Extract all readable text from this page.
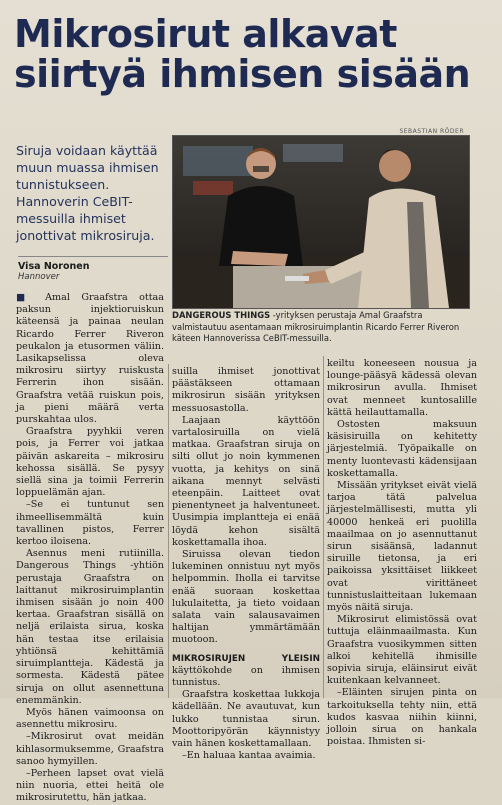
Mikrosirut alkavat
siirtyä ihmisen sisään
Siruja voidaan käyttää muun muassa ihmisen tunnistukseen. Hannoverin CeBIT-messuilla ihmiset jonottivat mikrosiruja.
Visa Noronen
Hannover
SEBASTIAN RÖDER
DANGEROUS THINGS -yrityksen perustaja Amal Graafstra valmistautuu asentamaan mikrosiruimplantin Ricardo Ferrer Riveron käteen Hannoverissa CeBIT-messuilla.

■ Amal Graafstra ottaa paksun injektioruiskun käteensä ja painaa neulan Ricardo Ferrer Riveron peukalon ja etusormen väliin. Lasikapselissa oleva mikrosiru siirtyy ruiskusta Ferrerin ihon sisään. Graafstra vetää ruiskun pois, ja pieni määrä verta purskahtaa ulos.

Graafstra pyyhkii veren pois, ja Ferrer voi jatkaa päivän askareita – mikrosiru kehossa sisällä. Se pysyy siellä sina ja toimii Ferrerin loppuelämän ajan.

–Se ei tuntunut sen ihmeellisemmältä kuin tavallinen pistos, Ferrer kertoo iloisena.

Asennus meni rutiinilla. Dangerous Things -yhtiön perustaja Graafstra on laittanut mikrosiruimplantin ihmisen sisään jo noin 400 kertaa. Graafstran sisällä on neljä erilaista sirua, koska hän testaa itse erilaisia yhtiönsä kehittämiä siruimplantteja. Kädestä ja sormesta. Kädestä pätee siruja on ollut asennettuna enemmänkin.

Myös hänen vaimoonsa on asennettu mikrosiru.

–Mikrosirut ovat meidän kihlasormuksemme, Graafstra sanoo hymyillen.

–Perheen lapset ovat vielä niin nuoria, ettei heitä ole mikrosirutettu, hän jatkaa.

suilla ihmiset jonottivat päästäkseen ottamaan mikrosirun sisään yrityksen messuosastolla.

Laajaan käyttöön vartalosiruilla on vielä matkaa. Graafstran siruja on silti ollut jo noin kymmenen vuotta, ja kehitys on sinä aikana mennyt selvästi eteenpäin. Laitteet ovat pienentyneet ja halventuneet. Uusimpia implantteja ei enää löydä kehon sisältä koskettamalla ihoa.

Siruissa olevan tiedon lukeminen onnistuu nyt myös helpommin. Iholla ei tarvitse enää suoraan koskettaa lukulaitetta, ja tieto voidaan salata vain salausavaimen haltijan ymmärtämään muotoon.

MIKROSIRUJEN YLEISIN käyttökohde on ihmisen tunnistus.

Graafstra koskettaa lukkoja kädellään. Ne avautuvat, kun lukko tunnistaa sirun. Moottoripyörän käynnistyy vain hänen koskettamallaan.

–En haluaa kantaa avaimia.

keiltu koneeseen nousua ja lounge-pääsyä kädessä olevan mikrosirun avulla. Ihmiset ovat menneet kuntosalille kättä heilauttamalla.

Ostosten maksuun käsisiruilla on kehitetty järjestelmiä. Työpaikalle on menty luontevasti kädensijaan koskettamalla.

Missään yritykset eivät vielä tarjoa tätä palvelua järjestelmällisesti, mutta yli 40000 henkeä eri puolilla maailmaa on jo asennuttanut sirun sisäänsä, ladannut siruille tietonsa, ja eri paikoissa yksittäiset liikkeet ovat virittäneet tunnistuslaitteitaan lukemaan myös näitä siruja.

Mikrosirut elimistössä ovat tuttuja eläinmaailmasta. Kun Graafstra vuosikymmen sitten alkoi kehitellä ihmisille sopivia siruja, eläinsirut eivät kuitenkaan kelvanneet.

–Eläinten sirujen pinta on tarkoituksella tehty niin, että kudos kasvaa niihin kiinni, jolloin sirua on hankala poistaa. Ihmisten si-
